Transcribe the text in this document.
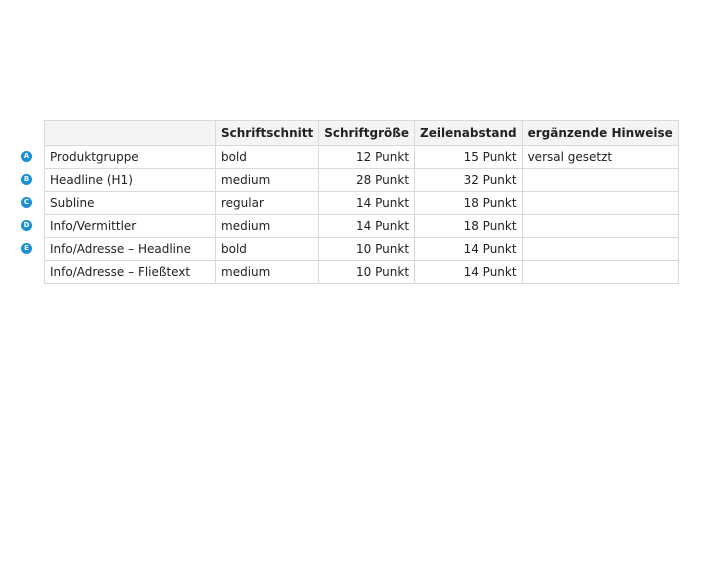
A
B
C
D
E
	Schriftschnitt	Schriftgröße	Zeilenabstand	ergänzende Hinweise
Produktgruppe	bold	12 Punkt	15 Punkt	versal gesetzt
Headline (H1)	medium	28 Punkt	32 Punkt	
Subline	regular	14 Punkt	18 Punkt	
Info/Vermittler	medium	14 Punkt	18 Punkt	
Info/Adresse – Headline	bold	10 Punkt	14 Punkt	
Info/Adresse – Fließtext	medium	10 Punkt	14 Punkt	
